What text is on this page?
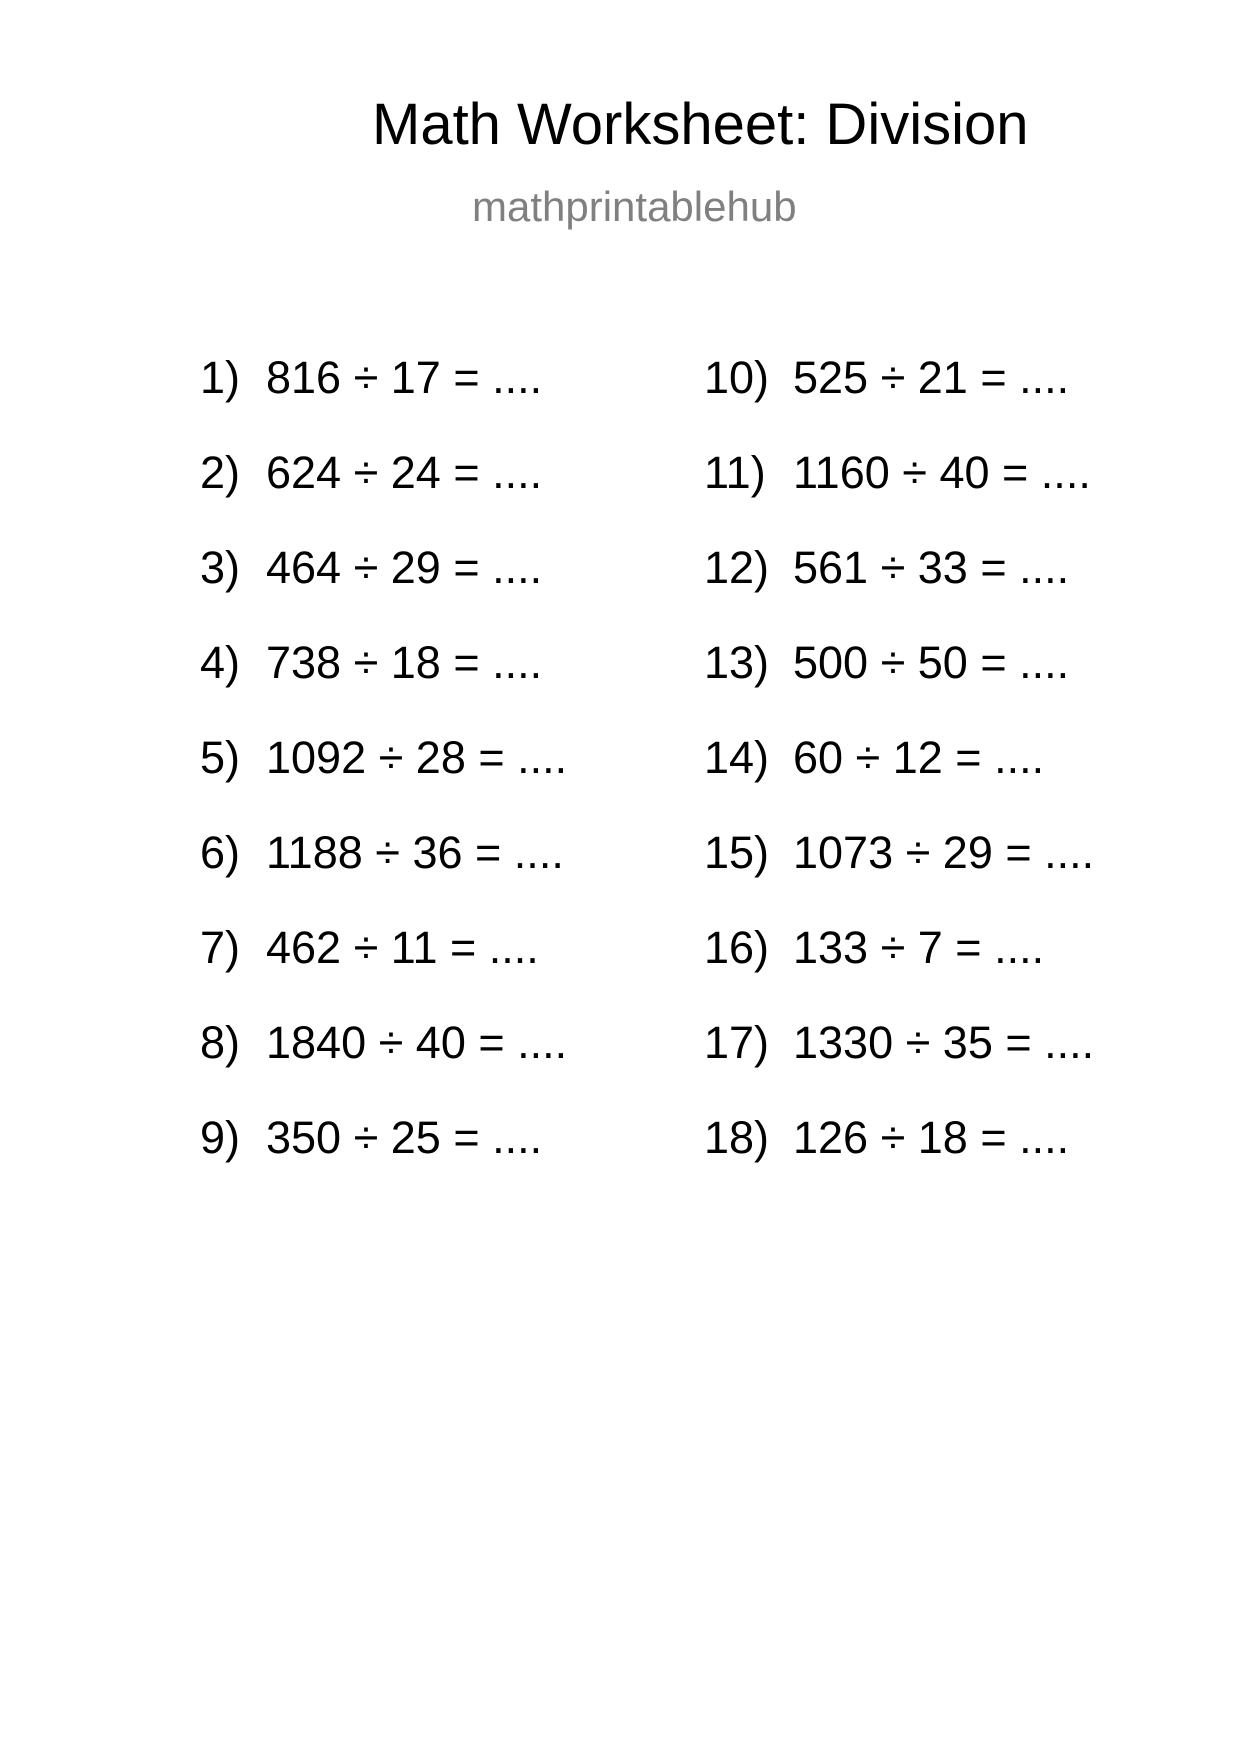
Math Worksheet: Division
mathprintablehub
1) 816 ÷ 17 = ....
2) 624 ÷ 24 = ....
3) 464 ÷ 29 = ....
4) 738 ÷ 18 = ....
5) 1092 ÷ 28 = ....
6) 1188 ÷ 36 = ....
7) 462 ÷ 11 = ....
8) 1840 ÷ 40 = ....
9) 350 ÷ 25 = ....
10) 525 ÷ 21 = ....
11) 1160 ÷ 40 = ....
12) 561 ÷ 33 = ....
13) 500 ÷ 50 = ....
14) 60 ÷ 12 = ....
15) 1073 ÷ 29 = ....
16) 133 ÷ 7 = ....
17) 1330 ÷ 35 = ....
18) 126 ÷ 18 = ....
